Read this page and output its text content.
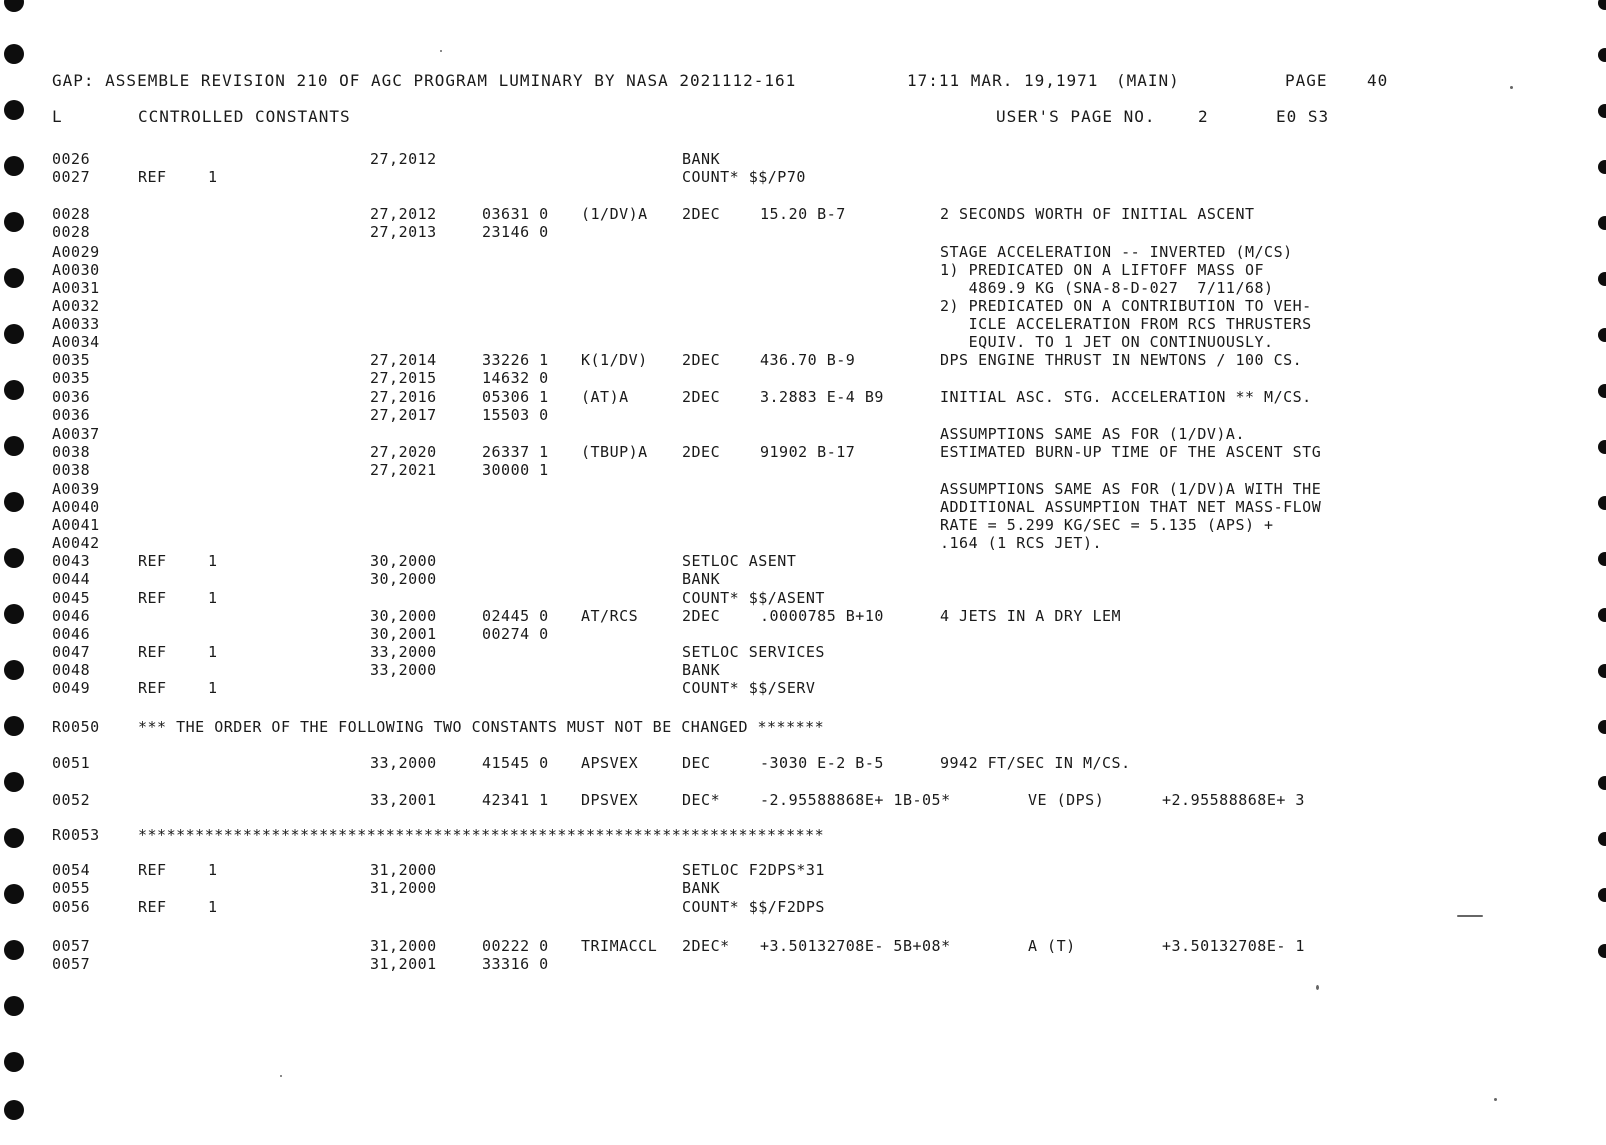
GAP: ASSEMBLE REVISION 210 OF AGC PROGRAM LUMINARY BY NASA 2021112-161	17:11 MAR. 19,1971 (MAIN)	PAGE 40
L	CCNTROLLED CONSTANTS	USER'S PAGE NO.	2	E0 S3
0026	27,2012	BANK
0027	REF	1	COUNT* $$/P70
0028	27,2012	03631 0 (1/DV)A 2DEC	15.20 B-7	2 SECONDS WORTH OF INITIAL ASCENT
0028	27,2013	23146 0
A0029	STAGE ACCELERATION -- INVERTED (M/CS)
A0030	1) PREDICATED ON A LIFTOFF MASS OF
A0031	4869.9 KG (SNA-8-D-027  7/11/68)
A0032	2) PREDICATED ON A CONTRIBUTION TO VEH-
A0033	ICLE ACCELERATION FROM RCS THRUSTERS
A0034	EQUIV. TO 1 JET ON CONTINUOUSLY.
0035	27,2014	33226 1 K(1/DV) 2DEC	436.70 B-9	DPS ENGINE THRUST IN NEWTONS / 100 CS.
0035	27,2015	14632 0
0036	27,2016	05306 1 (AT)A	2DEC	3.2883 E-4 B9	INITIAL ASC. STG. ACCELERATION ** M/CS.
0036	27,2017	15503 0
A0037	ASSUMPTIONS SAME AS FOR (1/DV)A.
0038	27,2020	26337 1 (TBUP)A 2DEC	91902 B-17	ESTIMATED BURN-UP TIME OF THE ASCENT STG
0038	27,2021	30000 1
A0039	ASSUMPTIONS SAME AS FOR (1/DV)A WITH THE
A0040	ADDITIONAL ASSUMPTION THAT NET MASS-FLOW
A0041	RATE = 5.299 KG/SEC = 5.135 (APS) +
A0042	.164 (1 RCS JET).
0043	REF	1	30,2000	SETLOC ASENT
0044	30,2000	BANK
0045	REF	1	COUNT* $$/ASENT
0046	30,2000	02445 0 AT/RCS	2DEC	.0000785 B+10	4 JETS IN A DRY LEM
0046	30,2001	00274 0
0047	REF	1	33,2000	SETLOC SERVICES
0048	33,2000	BANK
0049	REF	1	COUNT* $$/SERV
R0050	*** THE ORDER OF THE FOLLOWING TWO CONSTANTS MUST NOT BE CHANGED *******
0051	33,2000	41545 0 APSVEX	DEC	-3030 E-2 B-5	9942 FT/SEC IN M/CS.
0052	33,2001	42341 1 DPSVEX	DEC*	-2.95588868E+ 1B-05*	VE (DPS)	+2.95588868E+ 3
R0053	************************************************************************
0054	REF	1	31,2000	SETLOC F2DPS*31
0055	31,2000	BANK
0056	REF	1	COUNT* $$/F2DPS
0057	31,2000	00222 0 TRIMACCL 2DEC* +3.50132708E- 5B+08*	A (T)	+3.50132708E- 1
0057	31,2001	33316 0
